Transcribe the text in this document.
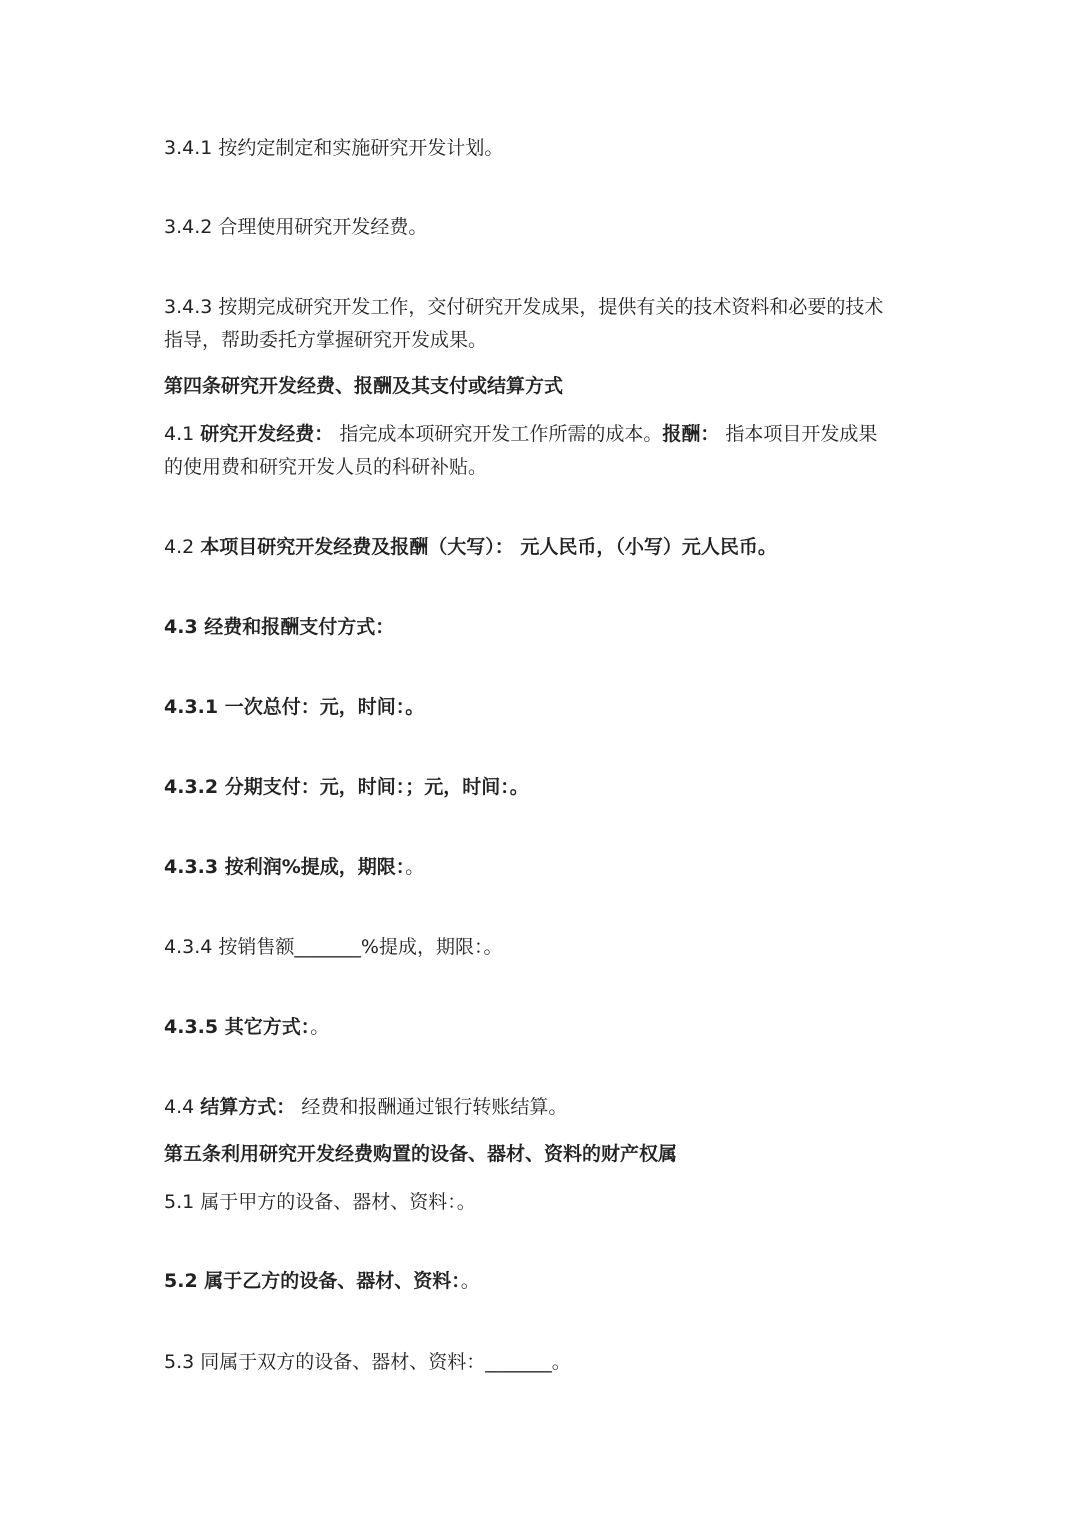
3.4.1 按约定制定和实施研究开发计划。
3.4.2 合理使用研究开发经费。
3.4.3 按期完成研究开发工作，交付研究开发成果，提供有关的技术资料和必要的技术
指导，帮助委托方掌握研究开发成果。
第四条研究开发经费、报酬及其支付或结算方式
4.1 研究开发经费： 指完成本项研究开发工作所需的成本。报酬： 指本项目开发成果
的使用费和研究开发人员的科研补贴。
4.2 本项目研究开发经费及报酬（大写）： 元人民币，（小写）元人民币。
4.3 经费和报酬支付方式：
4.3.1 一次总付：元，时间：。
4.3.2 分期支付：元，时间：；元，时间：。
4.3.3 按利润%提成，期限：。
4.3.4 按销售额_______%提成，期限：。
4.3.5 其它方式：。
4.4 结算方式： 经费和报酬通过银行转账结算。
第五条利用研究开发经费购置的设备、器材、资料的财产权属
5.1 属于甲方的设备、器材、资料：。
5.2 属于乙方的设备、器材、资料：。
5.3 同属于双方的设备、器材、资料：_______。
